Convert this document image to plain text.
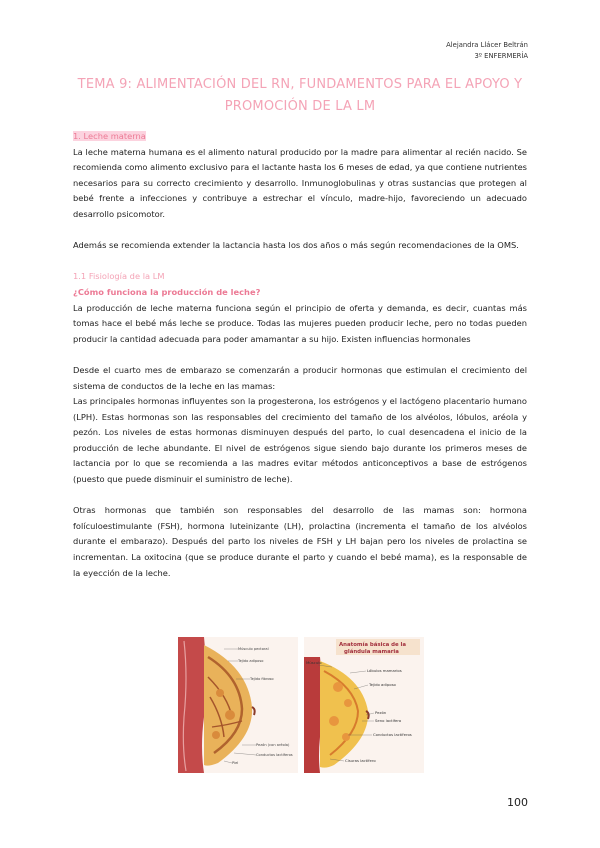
Alejandra Llácer Beltrán
3º ENFERMERÍA
TEMA 9: ALIMENTACIÓN DEL RN, FUNDAMENTOS PARA EL APOYO Y PROMOCIÓN DE LA LM

1. Leche materna

La leche materna humana es el alimento natural producido por la madre para alimentar al recién nacido. Se recomienda como alimento exclusivo para el lactante hasta los 6 meses de edad, ya que contiene nutrientes necesarios para su correcto crecimiento y desarrollo. Inmunoglobulinas y otras sustancias que protegen al bebé frente a infecciones y contribuye a estrechar el vínculo, madre-hijo, favoreciendo un adecuado desarrollo psicomotor.

Además se recomienda extender la lactancia hasta los dos años o más según recomendaciones de la OMS.

1.1 Fisiología de la LM

¿Cómo funciona la producción de leche?

La producción de leche materna funciona según el principio de oferta y demanda, es decir, cuantas más tomas hace el bebé más leche se produce. Todas las mujeres pueden producir leche, pero no todas pueden producir la cantidad adecuada para poder amamantar a su hijo. Existen influencias hormonales

Desde el cuarto mes de embarazo se comenzarán a producir hormonas que estimulan el crecimiento del sistema de conductos de la leche en las mamas:

Las principales hormonas influyentes son la progesterona, los estrógenos y el lactógeno placentario humano (LPH). Estas hormonas son las responsables del crecimiento del tamaño de los alvéolos, lóbulos, aréola y pezón. Los niveles de estas hormonas disminuyen después del parto, lo cual desencadena el inicio de la producción de leche abundante. El nivel de estrógenos sigue siendo bajo durante los primeros meses de lactancia por lo que se recomienda a las madres evitar métodos anticonceptivos a base de estrógenos (puesto que puede disminuir el suministro de leche).

Otras hormonas que también son responsables del desarrollo de las mamas son: hormona folículoestimulante (FSH), hormona luteinizante (LH), prolactina (incrementa el tamaño de los alvéolos durante el embarazo). Después del parto los niveles de FSH y LH bajan pero los niveles de prolactina se incrementan. La oxitocina (que se produce durante el parto y cuando el bebé mama), es la responsable de la eyección de la leche.

Músculo pectoral
Tejido adiposo
Tejido fibroso
Pezón (con aréola)
Conductos lactíferos
Piel
Anatomía básica de la
glándula mamaria
Músculo
Lóbulos mamarios
Tejido adiposo
Pezón
Seno lactífero
Conductos lactíferos
Cisuras lactífero
100
